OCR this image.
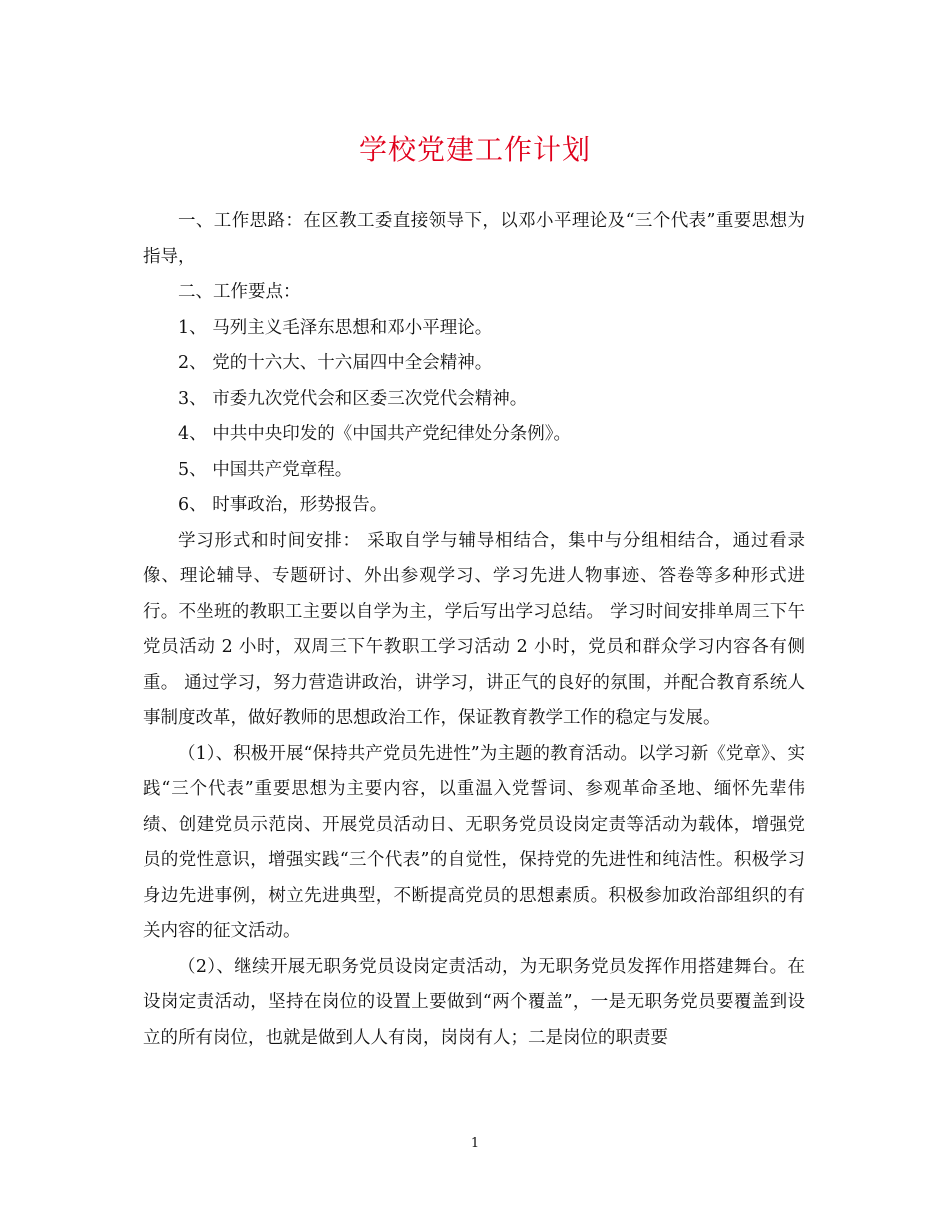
学校党建工作计划

一、工作思路：在区教工委直接领导下，以邓小平理论及“三个代表”重要思想为指导，

二、工作要点：

1、 马列主义毛泽东思想和邓小平理论。

2、 党的十六大、十六届四中全会精神。

3、 市委九次党代会和区委三次党代会精神。

4、 中共中央印发的《中国共产党纪律处分条例》。

5、 中国共产党章程。

6、 时事政治，形势报告。

学习形式和时间安排： 采取自学与辅导相结合，集中与分组相结合，通过看录像、理论辅导、专题研讨、外出参观学习、学习先进人物事迹、答卷等多种形式进行。不坐班的教职工主要以自学为主，学后写出学习总结。 学习时间安排单周三下午党员活动 2 小时，双周三下午教职工学习活动 2 小时，党员和群众学习内容各有侧重。 通过学习，努力营造讲政治，讲学习，讲正气的良好的氛围，并配合教育系统人事制度改革，做好教师的思想政治工作，保证教育教学工作的稳定与发展。

（1）、积极开展“保持共产党员先进性”为主题的教育活动。以学习新《党章》、实践“三个代表”重要思想为主要内容，以重温入党誓词、参观革命圣地、缅怀先辈伟绩、创建党员示范岗、开展党员活动日、无职务党员设岗定责等活动为载体，增强党员的党性意识，增强实践“三个代表”的自觉性，保持党的先进性和纯洁性。积极学习身边先进事例，树立先进典型，不断提高党员的思想素质。积极参加政治部组织的有关内容的征文活动。

（2）、继续开展无职务党员设岗定责活动，为无职务党员发挥作用搭建舞台。在设岗定责活动，坚持在岗位的设置上要做到“两个覆盖”，一是无职务党员要覆盖到设立的所有岗位，也就是做到人人有岗，岗岗有人；二是岗位的职责要

1
